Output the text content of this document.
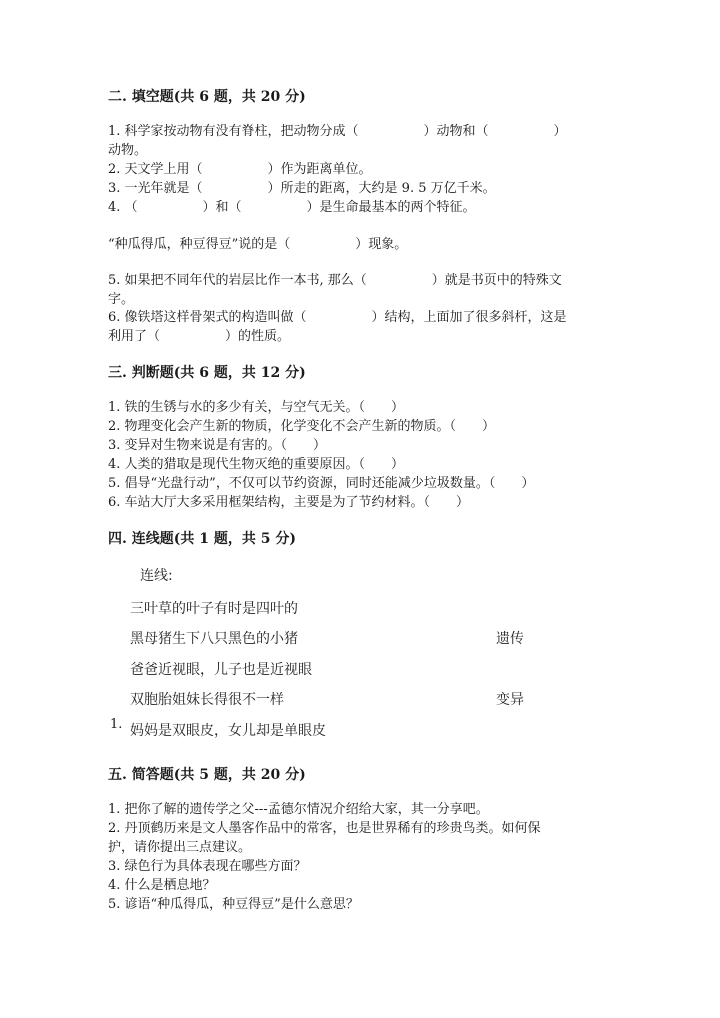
二. 填空题(共 6 题，共 20 分)
1. 科学家按动物有没有脊柱，把动物分成（　　　　　）动物和（　　　　　）
动物。
2. 天文学上用（　　　　　）作为距离单位。
3. 一光年就是（　　　　　）所走的距离，大约是 9. 5 万亿千米。
4. （　　　　　）和（　　　　　）是生命最基本的两个特征。
“种瓜得瓜，种豆得豆”说的是（　　　　　）现象。
5. 如果把不同年代的岩层比作一本书, 那么（　　　　　）就是书页中的特殊文
字。
6. 像铁塔这样骨架式的构造叫做（　　　　　）结构，上面加了很多斜杆，这是
利用了（　　　　　）的性质。
三. 判断题(共 6 题，共 12 分)
1. 铁的生锈与水的多少有关，与空气无关。（　　）
2. 物理变化会产生新的物质，化学变化不会产生新的物质。（　　）
3. 变异对生物来说是有害的。（　　）
4. 人类的猎取是现代生物灭绝的重要原因。（　　）
5. 倡导“光盘行动”，不仅可以节约资源，同时还能减少垃圾数量。（　　）
6. 车站大厅大多采用框架结构，主要是为了节约材料。（　　）
四. 连线题(共 1 题，共 5 分)
连线:
三叶草的叶子有时是四叶的
黑母猪生下八只黑色的小猪
爸爸近视眼，儿子也是近视眼
双胞胎姐妹长得很不一样
妈妈是双眼皮，女儿却是单眼皮
遗传
变异
1.
五. 简答题(共 5 题，共 20 分)
1. 把你了解的遗传学之父---孟德尔情况介绍给大家，其一分享吧。
2. 丹顶鹤历来是文人墨客作品中的常客，也是世界稀有的珍贵鸟类。如何保
护，请你提出三点建议。
3. 绿色行为具体表现在哪些方面？
4. 什么是栖息地？
5. 谚语“种瓜得瓜，种豆得豆”是什么意思？
